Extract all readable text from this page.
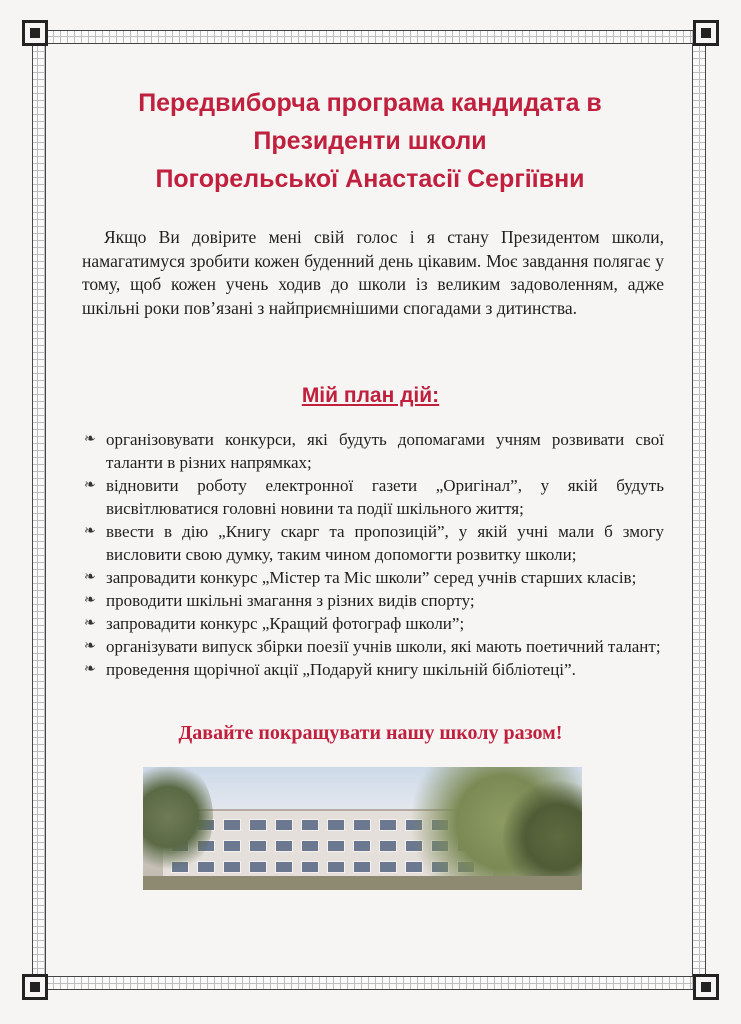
Передвиборча програма кандидата в
Президенти школи
Погорельської Анастасії Сергіївни
Якщо Ви довірите мені свій голос і я стану Президентом школи, намагатимуся зробити кожен буденний день цікавим. Моє завдання полягає у тому, щоб кожен учень ходив до школи із великим задоволенням, адже шкільні роки пов’язані з найприємнішими спогадами з дитинства.
Мій план дій:
❧ організовувати конкурси, які будуть допомагами учням розвивати свої таланти в різних напрямках;
❧ відновити роботу електронної газети „Оригінал”, у якій будуть висвітлюватися головні новини та події шкільного життя;
❧ ввести в дію „Книгу скарг та пропозицій”, у якій учні мали б змогу висловити свою думку, таким чином допомогти розвитку школи;
❧ запровадити конкурс „Містер та Міс школи” серед учнів старших класів;
❧ проводити шкільні змагання з різних видів спорту;
❧ запровадити конкурс „Кращий фотограф школи”;
❧ організувати випуск збірки поезії учнів школи, які мають поетичний талант;
❧ проведення щорічної акції „Подаруй книгу шкільній бібліотеці”.
Давайте покращувати нашу школу разом!
